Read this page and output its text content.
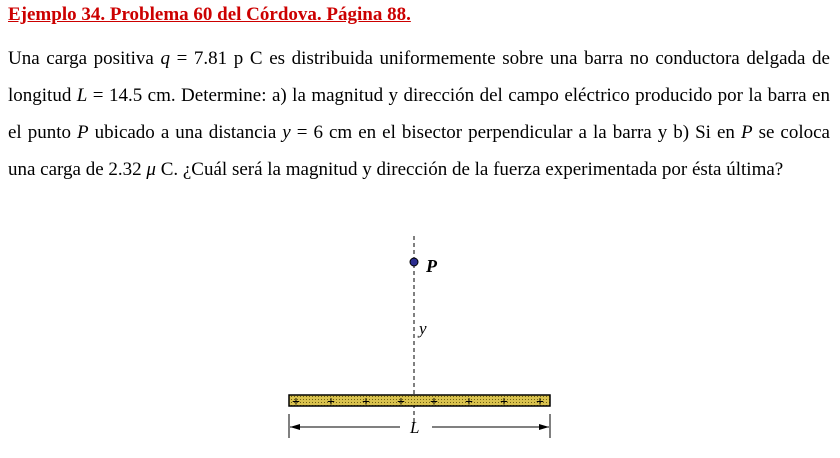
Ejemplo 34. Problema 60 del Córdova. Página 88.
Una carga positiva q = 7.81 p C es distribuida uniformemente sobre una barra no conductora delgada de longitud L = 14.5 cm. Determine: a) la magnitud y dirección del campo eléctrico producido por la barra en el punto P ubicado a una distancia y = 6 cm en el bisector perpendicular a la barra y b) Si en P se coloca una carga de 2.32 μ C. ¿Cuál será la magnitud y dirección de la fuerza experimentada por ésta última?
P
y
+ + + + + + + +
L
